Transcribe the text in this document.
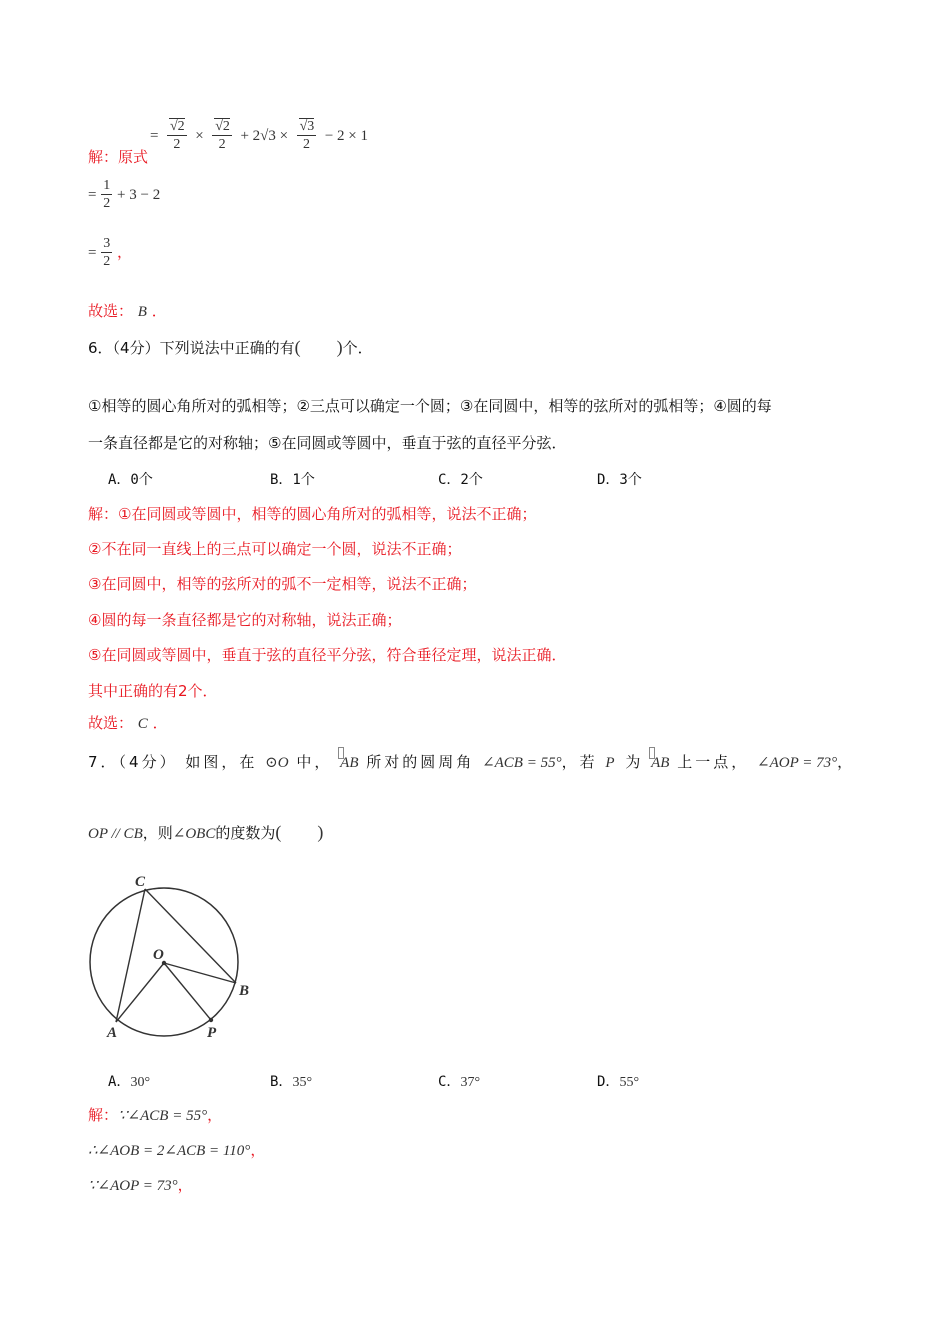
= $\frac{√2}{2} \times \frac{√2}{2} + 2√3 \times \frac{√3}{2} - 2 \times 1$
解：原式
= $\frac{1}{2} + 3 - 2$
= $\frac{3}{2}$ ，
故选： B ．
6．（4分）下列说法中正确的有(        )个．
①相等的圆心角所对的弧相等；②三点可以确定一个圆；③在同圆中，相等的弦所对的弧相等；④圆的每
一条直径都是它的对称轴；⑤在同圆或等圆中，垂直于弦的直径平分弦．
A．0个	B．1个	C．2个	D．3个
解：①在同圆或等圆中，相等的圆心角所对的弧相等，说法不正确；
②不在同一直线上的三点可以确定一个圆，说法不正确；
③在同圆中，相等的弦所对的弧不一定相等，说法不正确；
④圆的每一条直径都是它的对称轴，说法正确；
⑤在同圆或等圆中，垂直于弦的直径平分弦，符合垂径定理，说法正确．
其中正确的有2个．
故选： C ．
7．（4分） 如图，在 ⊙O 中， AB 所对的圆周角 ∠ACB = 55°，若 P 为 AB 上一点， ∠AOP = 73°，
OP // CB，则∠OBC的度数为(        )
C
O
B
A	P
A．30°	B．35°	C．37°	D．55°
解：∵∠ACB = 55°，
∴∠AOB = 2∠ACB = 110°，
∵∠AOP = 73°，
